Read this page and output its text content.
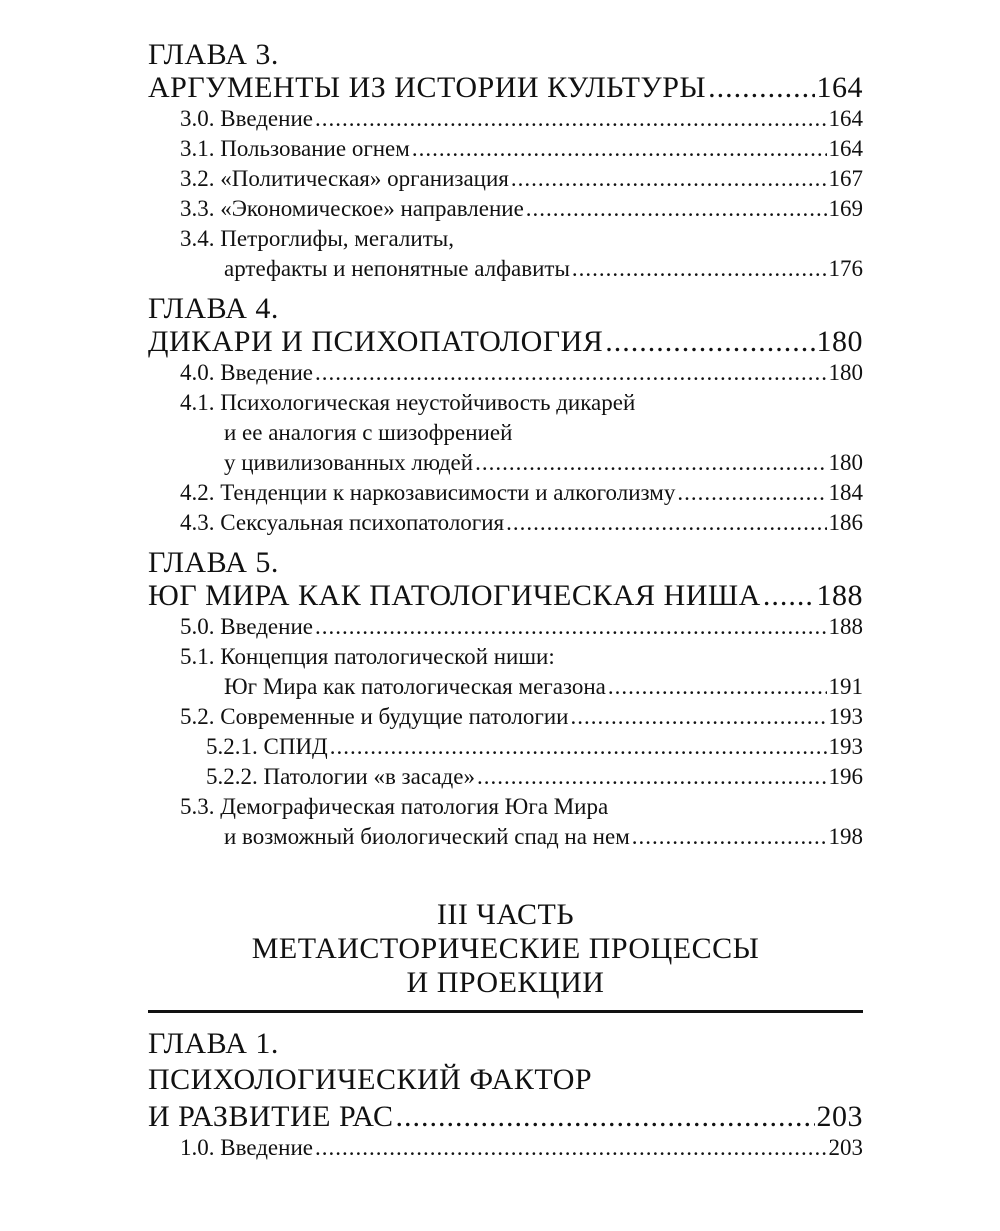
ГЛАВА 3.
АРГУМЕНТЫ ИЗ ИСТОРИИ КУЛЬТУРЫ .....	164
3.0. Введение .....	164
3.1. Пользование огнем .....	164
3.2. «Политическая» организация .....	167
3.3. «Экономическое» направление .....	169
3.4. Петроглифы, мегалиты,
артефакты и непонятные алфавиты .....	176
ГЛАВА 4.
ДИКАРИ И ПСИХОПАТОЛОГИЯ .....	180
4.0. Введение .....	180
4.1. Психологическая неустойчивость дикарей
и ее аналогия с шизофренией
у цивилизованных людей .....	180
4.2. Тенденции к наркозависимости и алкоголизму .....	184
4.3. Сексуальная психопатология .....	186
ГЛАВА 5.
ЮГ МИРА КАК ПАТОЛОГИЧЕСКАЯ НИША ..... 188
5.0. Введение .....	188
5.1. Концепция патологической ниши:
Юг Мира как патологическая мегазона .....	191
5.2. Современные и будущие патологии .....	193
5.2.1. СПИД .....	193
5.2.2. Патологии «в засаде» .....	196
5.3. Демографическая патология Юга Мира
и возможный биологический спад на нем .....	198
III ЧАСТЬ
МЕТАИСТОРИЧЕСКИЕ ПРОЦЕССЫ
И ПРОЕКЦИИ
ГЛАВА 1.
ПСИХОЛОГИЧЕСКИЙ ФАКТОР
И РАЗВИТИЕ РАС .....	203
1.0. Введение .....	203
